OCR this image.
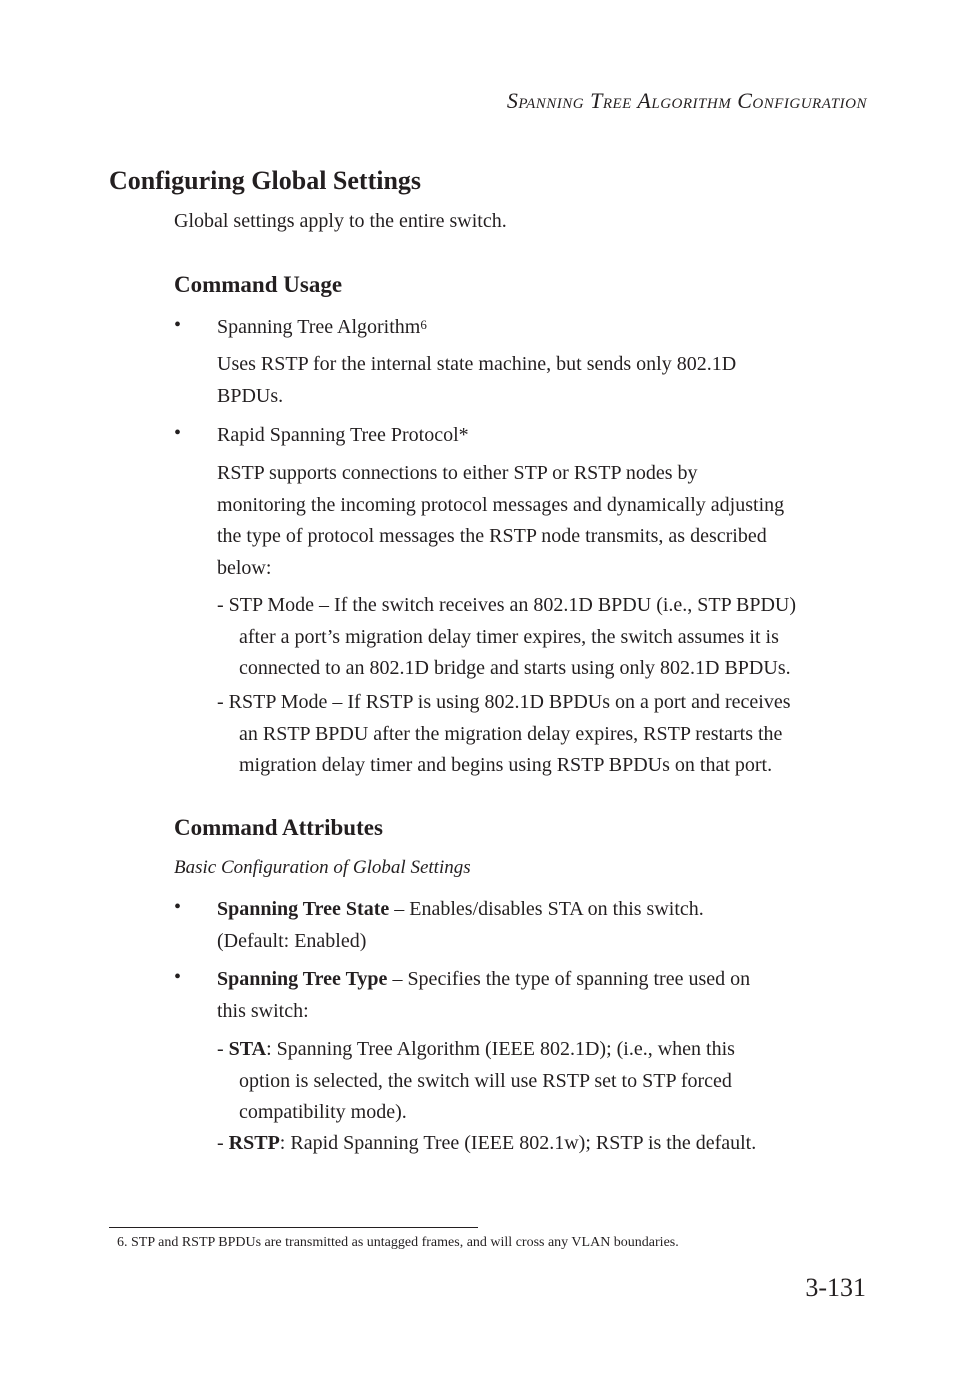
Spanning Tree Algorithm Configuration
Configuring Global Settings
Global settings apply to the entire switch.
Command Usage
• Spanning Tree Algorithm$^6$
Uses RSTP for the internal state machine, but sends only 802.1D
BPDUs.
• Rapid Spanning Tree Protocol*
RSTP supports connections to either STP or RSTP nodes by
monitoring the incoming protocol messages and dynamically adjusting
the type of protocol messages the RSTP node transmits, as described
below:
- STP Mode – If the switch receives an 802.1D BPDU (i.e., STP BPDU)
after a port’s migration delay timer expires, the switch assumes it is
connected to an 802.1D bridge and starts using only 802.1D BPDUs.
- RSTP Mode – If RSTP is using 802.1D BPDUs on a port and receives
an RSTP BPDU after the migration delay expires, RSTP restarts the
migration delay timer and begins using RSTP BPDUs on that port.
Command Attributes
Basic Configuration of Global Settings
• Spanning Tree State – Enables/disables STA on this switch.
(Default: Enabled)
• Spanning Tree Type – Specifies the type of spanning tree used on
this switch:
- STA: Spanning Tree Algorithm (IEEE 802.1D); (i.e., when this
option is selected, the switch will use RSTP set to STP forced
compatibility mode).
- RSTP: Rapid Spanning Tree (IEEE 802.1w); RSTP is the default.
6. STP and RSTP BPDUs are transmitted as untagged frames, and will cross any VLAN boundaries.
3-131
